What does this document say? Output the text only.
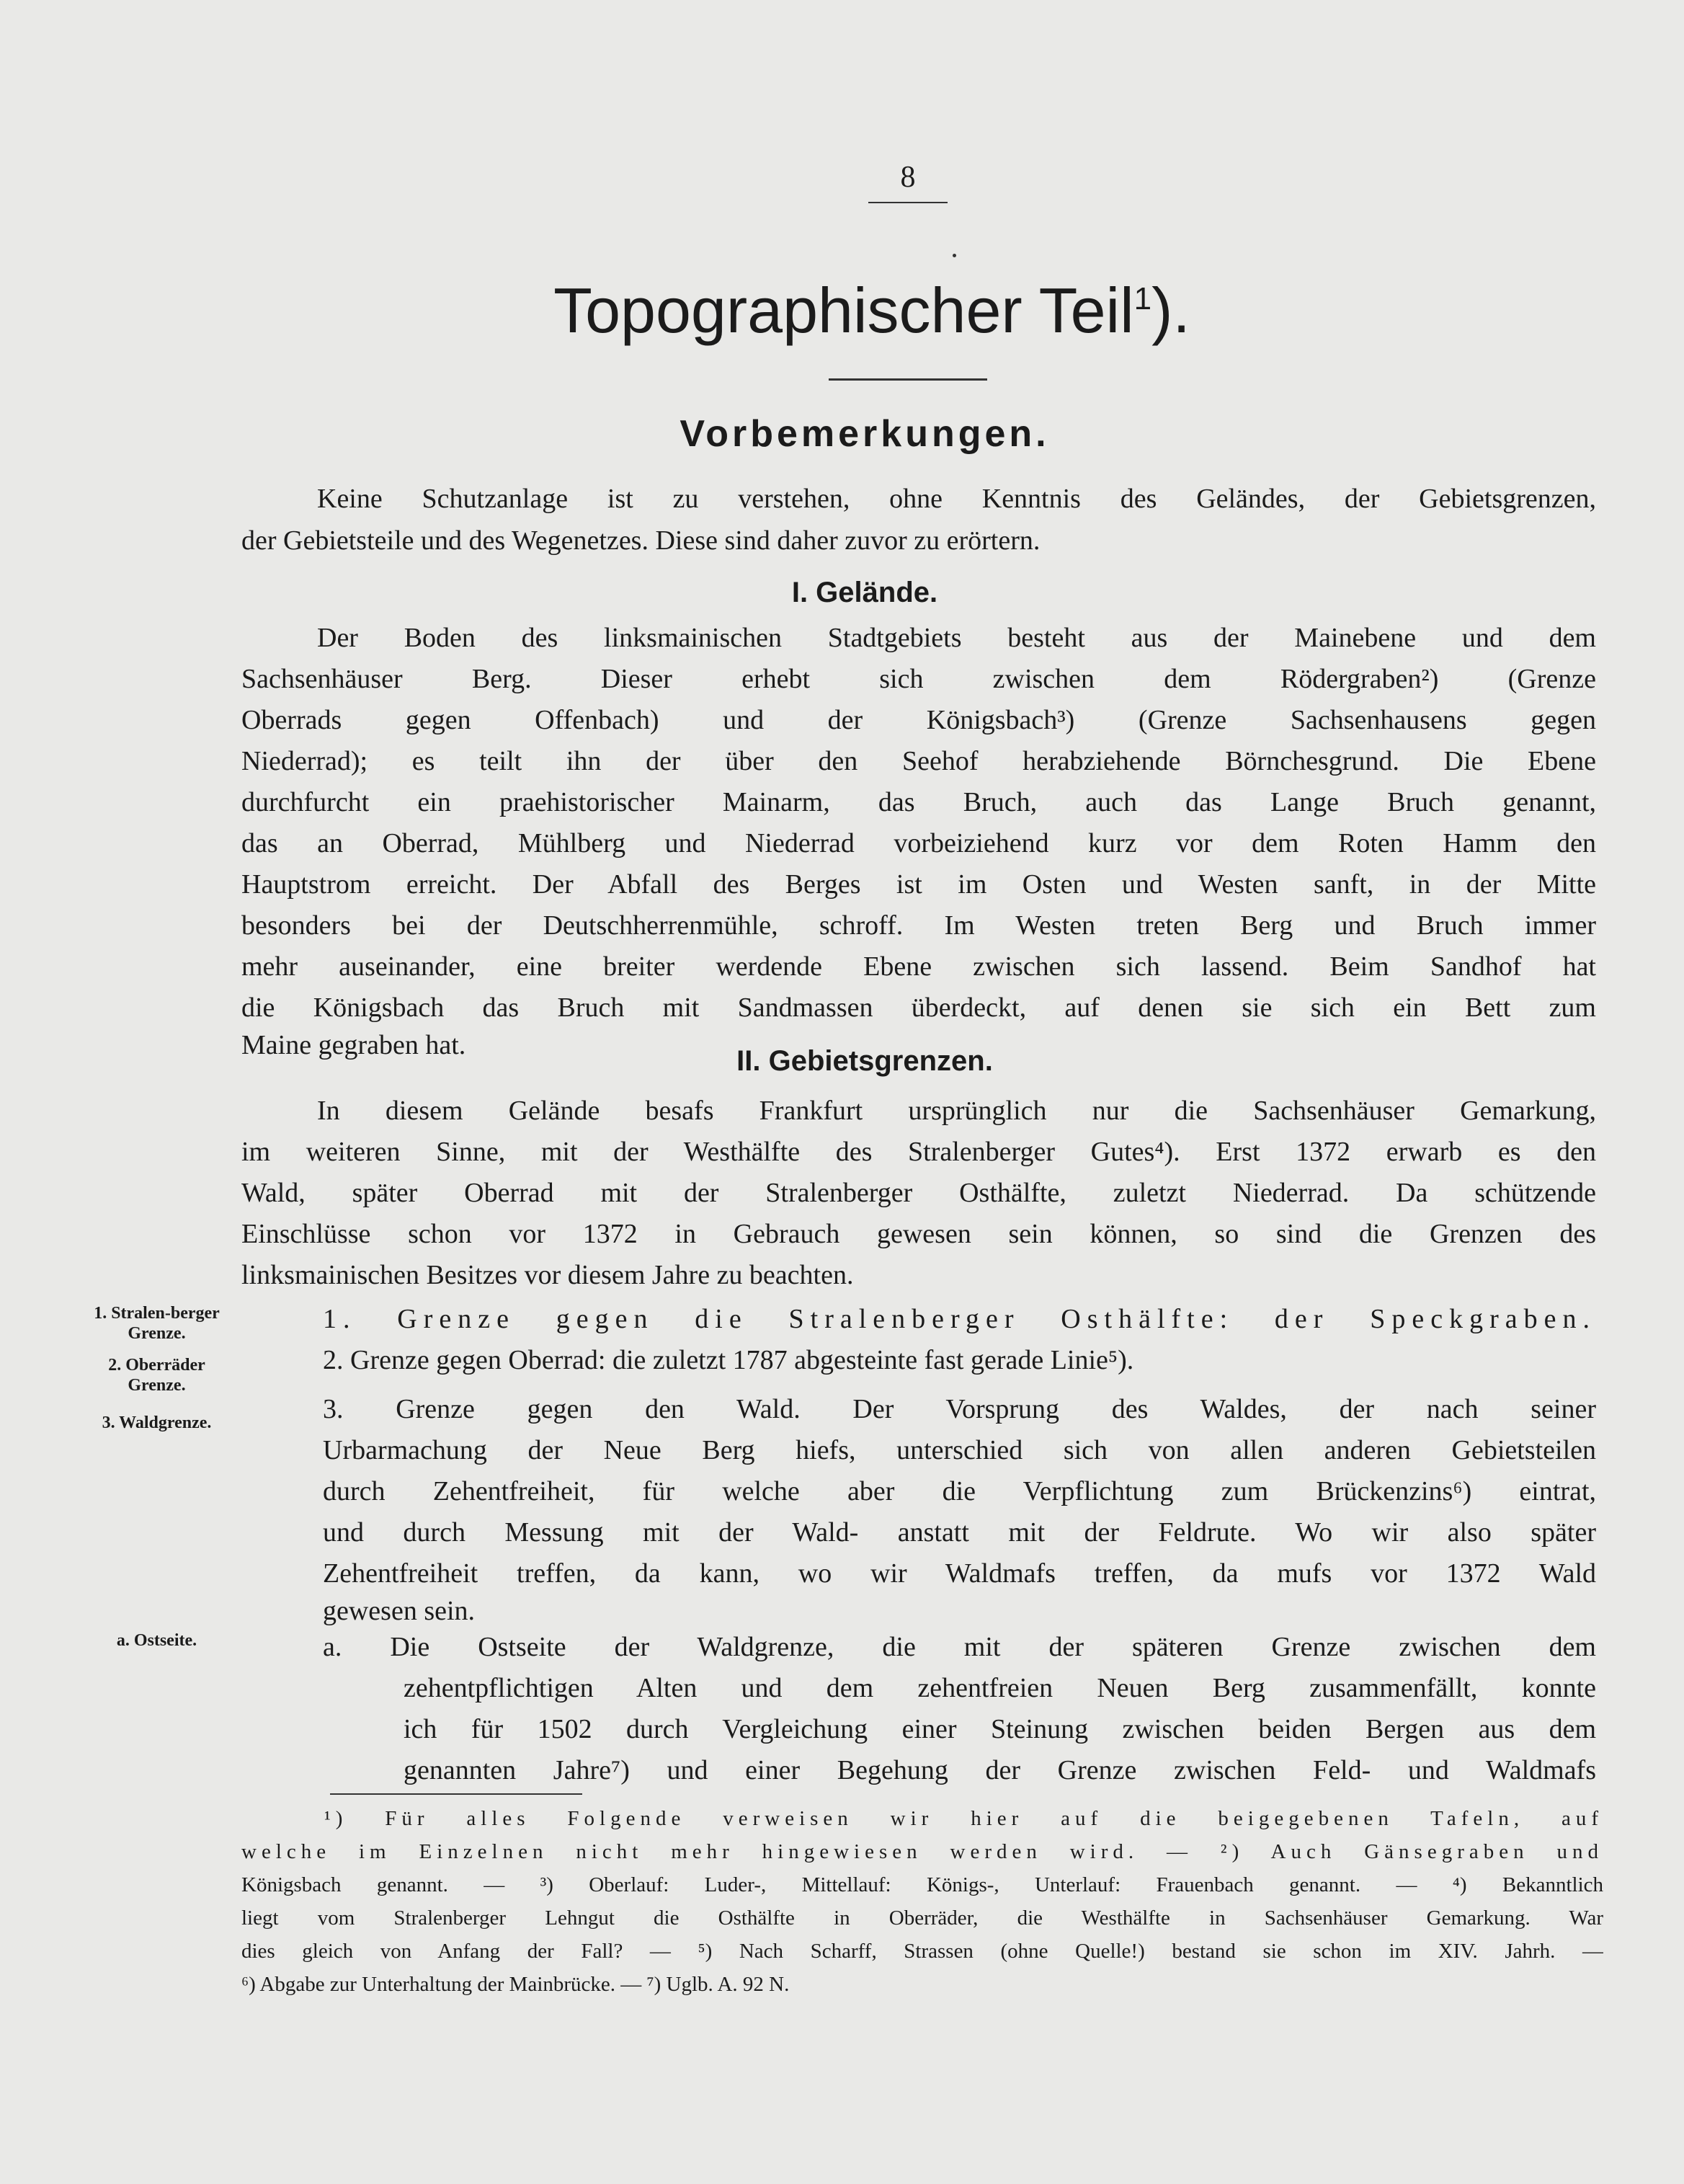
8
Topographischer Teil$^1$).
Vorbemerkungen.
Keine Schutzanlage ist zu verstehen, ohne Kenntnis des Geländes, der Gebietsgrenzen,
der Gebietsteile und des Wegenetzes. Diese sind daher zuvor zu erörtern.
I. Gelände.
Der Boden des linksmainischen Stadtgebiets besteht aus der Mainebene und dem
Sachsenhäuser Berg. Dieser erhebt sich zwischen dem Rödergraben²) (Grenze
Oberrads gegen Offenbach) und der Königsbach³) (Grenze Sachsenhausens gegen
Niederrad); es teilt ihn der über den Seehof herabziehende Börnchesgrund. Die Ebene
durchfurcht ein praehistorischer Mainarm, das Bruch, auch das Lange Bruch genannt,
das an Oberrad, Mühlberg und Niederrad vorbeiziehend kurz vor dem Roten Hamm den
Hauptstrom erreicht. Der Abfall des Berges ist im Osten und Westen sanft, in der Mitte
besonders bei der Deutschherrenmühle, schroff. Im Westen treten Berg und Bruch immer
mehr auseinander, eine breiter werdende Ebene zwischen sich lassend. Beim Sandhof hat
die Königsbach das Bruch mit Sandmassen überdeckt, auf denen sie sich ein Bett zum
Maine gegraben hat.	II. Gebietsgrenzen.
In diesem Gelände besafs Frankfurt ursprünglich nur die Sachsenhäuser Gemarkung,
im weiteren Sinne, mit der Westhälfte des Stralenberger Gutes⁴). Erst 1372 erwarb es den
Wald, später Oberrad mit der Stralenberger Osthälfte, zuletzt Niederrad. Da schützende
Einschlüsse schon vor 1372 in Gebrauch gewesen sein können, so sind die Grenzen des
linksmainischen Besitzes vor diesem Jahre zu beachten.
1. Stralen-berger Grenze.	1. Grenze gegen die Stralenberger Osthälfte: der Speckgraben.
2. Oberräder Grenze.
2. Grenze gegen Oberrad: die zuletzt 1787 abgesteinte fast gerade Linie⁵).
3. Waldgrenze.	3. Grenze gegen den Wald. Der Vorsprung des Waldes, der nach seiner
Urbarmachung der Neue Berg hiefs, unterschied sich von allen anderen Gebietsteilen
durch Zehentfreiheit, für welche aber die Verpflichtung zum Brückenzins⁶) eintrat,
und durch Messung mit der Wald- anstatt mit der Feldrute. Wo wir also später
Zehentfreiheit treffen, da kann, wo wir Waldmafs treffen, da mufs vor 1372 Wald
gewesen sein.
a. Ostseite.	a. Die Ostseite der Waldgrenze, die mit der späteren Grenze zwischen dem
zehentpflichtigen Alten und dem zehentfreien Neuen Berg zusammenfällt, konnte
ich für 1502 durch Vergleichung einer Steinung zwischen beiden Bergen aus dem
genannten Jahre⁷) und einer Begehung der Grenze zwischen Feld- und Waldmafs
¹) Für alles Folgende verweisen wir hier auf die beigegebenen Tafeln, auf
welche im Einzelnen nicht mehr hingewiesen werden wird. — ²) Auch Gänsegraben und
Königsbach genannt. — ³) Oberlauf: Luder-, Mittellauf: Königs-, Unterlauf: Frauenbach genannt. — ⁴) Bekanntlich
liegt vom Stralenberger Lehngut die Osthälfte in Oberräder, die Westhälfte in Sachsenhäuser Gemarkung. War
dies gleich von Anfang der Fall? — ⁵) Nach Scharff, Strassen (ohne Quelle!) bestand sie schon im XIV. Jahrh. —
⁶) Abgabe zur Unterhaltung der Mainbrücke. — ⁷) Uglb. A. 92 N.
